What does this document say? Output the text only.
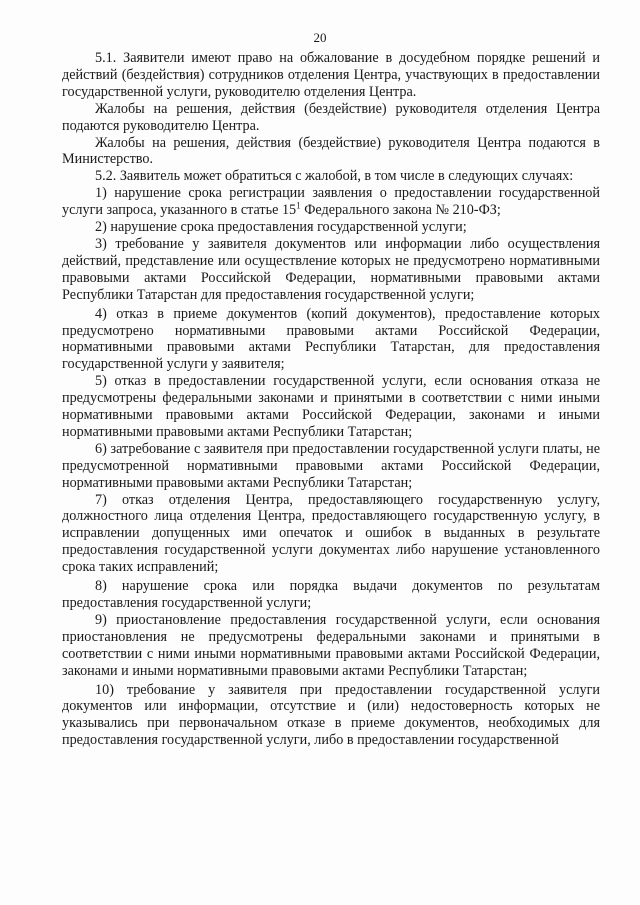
20

5.1. Заявители имеют право на обжалование в досудебном порядке решений и действий (бездействия) сотрудников отделения Центра, участвующих в предоставлении государственной услуги, руководителю отделения Центра.

Жалобы на решения, действия (бездействие) руководителя отделения Центра подаются руководителю Центра.

Жалобы на решения, действия (бездействие) руководителя Центра подаются в Министерство.

5.2. Заявитель может обратиться с жалобой, в том числе в следующих случаях:

1) нарушение срока регистрации заявления о предоставлении государственной услуги запроса, указанного в статье $15^1$ Федерального закона № 210-ФЗ;

2) нарушение срока предоставления государственной услуги;

3) требование у заявителя документов или информации либо осуществления действий, представление или осуществление которых не предусмотрено нормативными правовыми актами Российской Федерации, нормативными правовыми актами Республики Татарстан для предоставления государственной услуги;

4) отказ в приеме документов (копий документов), предоставление которых предусмотрено нормативными правовыми актами Российской Федерации, нормативными правовыми актами Республики Татарстан, для предоставления государственной услуги у заявителя;

5) отказ в предоставлении государственной услуги, если основания отказа не предусмотрены федеральными законами и принятыми в соответствии с ними иными нормативными правовыми актами Российской Федерации, законами и иными нормативными правовыми актами Республики Татарстан;

6) затребование с заявителя при предоставлении государственной услуги платы, не предусмотренной нормативными правовыми актами Российской Федерации, нормативными правовыми актами Республики Татарстан;

7) отказ отделения Центра, предоставляющего государственную услугу, должностного лица отделения Центра, предоставляющего государственную услугу, в исправлении допущенных ими опечаток и ошибок в выданных в результате предоставления государственной услуги документах либо нарушение установленного срока таких исправлений;

8) нарушение срока или порядка выдачи документов по результатам предоставления государственной услуги;

9) приостановление предоставления государственной услуги, если основания приостановления не предусмотрены федеральными законами и принятыми в соответствии с ними иными нормативными правовыми актами Российской Федерации, законами и иными нормативными правовыми актами Республики Татарстан;

10) требование у заявителя при предоставлении государственной услуги документов или информации, отсутствие и (или) недостоверность которых не указывались при первоначальном отказе в приеме документов, необходимых для предоставления государственной услуги, либо в предоставлении государственной
